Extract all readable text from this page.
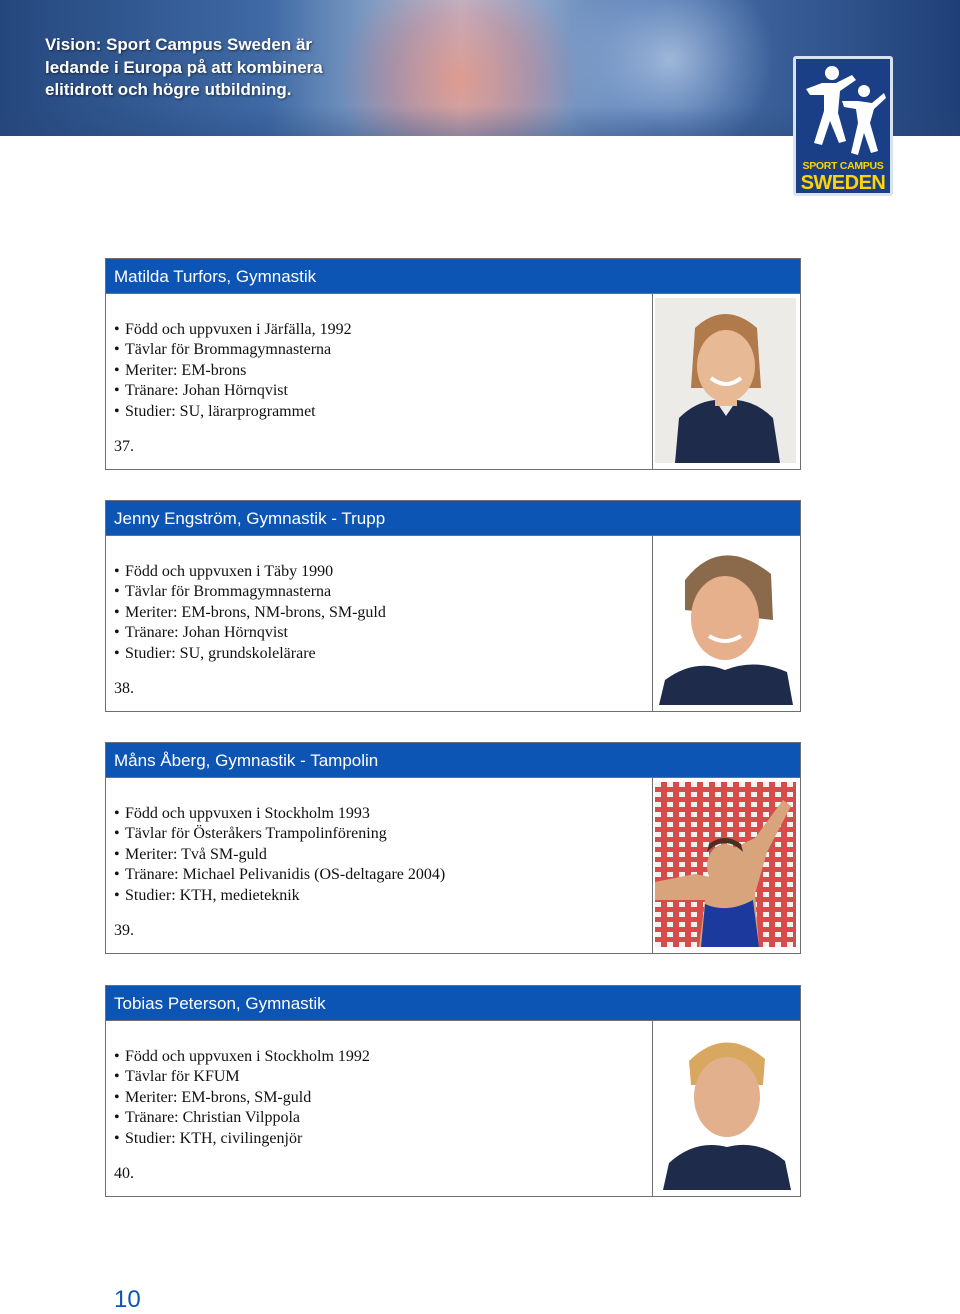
Vision: Sport Campus Sweden är
ledande i Europa på att kombinera
elitidrott och högre utbildning.

SPORT CAMPUS
SWEDEN
Matilda Turfors, Gymnastik
• Född och uppvuxen i Järfälla, 1992
• Tävlar för Brommagymnasterna
• Meriter: EM-brons
• Tränare: Johan Hörnqvist
• Studier: SU, lärarprogrammet
37.
Jenny Engström, Gymnastik - Trupp
• Född och uppvuxen i Täby 1990
• Tävlar för Brommagymnasterna
• Meriter: EM-brons, NM-brons, SM-guld
• Tränare: Johan Hörnqvist
• Studier: SU, grundskolelärare
38.
Måns Åberg, Gymnastik - Tampolin
• Född och uppvuxen i Stockholm 1993
• Tävlar för Österåkers Trampolinförening
• Meriter: Två SM-guld
• Tränare: Michael Pelivanidis (OS-deltagare 2004)
• Studier: KTH, medieteknik
39.
Tobias Peterson, Gymnastik
• Född och uppvuxen i Stockholm 1992
• Tävlar för KFUM
• Meriter: EM-brons, SM-guld
• Tränare: Christian Vilppola
• Studier: KTH, civilingenjör
40.
10
